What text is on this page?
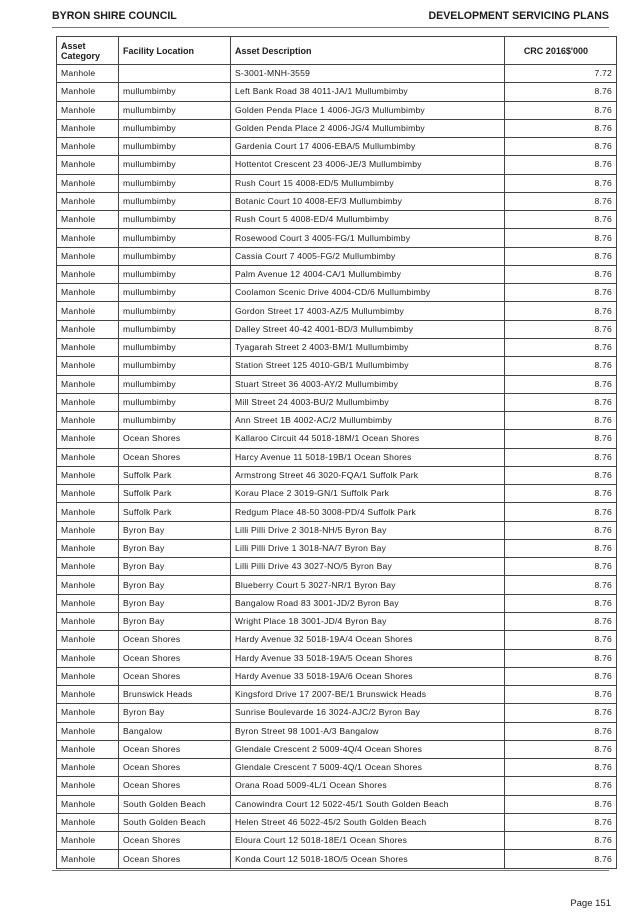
BYRON SHIRE COUNCIL	DEVELOPMENT SERVICING PLANS
Asset Category	Facility Location	Asset Description	CRC 2016$'000
Manhole		S-3001-MNH-3559	7.72
Manhole	mullumbimby	Left Bank Road 38 4011-JA/1 Mullumbimby	8.76
Manhole	mullumbimby	Golden Penda Place 1 4006-JG/3 Mullumbimby	8.76
Manhole	mullumbimby	Golden Penda Place 2 4006-JG/4 Mullumbimby	8.76
Manhole	mullumbimby	Gardenia Court 17 4006-EBA/5 Mullumbimby	8.76
Manhole	mullumbimby	Hottentot Crescent 23 4006-JE/3 Mullumbimby	8.76
Manhole	mullumbimby	Rush Court 15 4008-ED/5 Mullumbimby	8.76
Manhole	mullumbimby	Botanic Court 10 4008-EF/3 Mullumbimby	8.76
Manhole	mullumbimby	Rush Court 5 4008-ED/4 Mullumbimby	8.76
Manhole	mullumbimby	Rosewood Court 3 4005-FG/1 Mullumbimby	8.76
Manhole	mullumbimby	Cassia Court 7 4005-FG/2 Mullumbimby	8.76
Manhole	mullumbimby	Palm Avenue 12 4004-CA/1 Mullumbimby	8.76
Manhole	mullumbimby	Coolamon Scenic Drive 4004-CD/6 Mullumbimby	8.76
Manhole	mullumbimby	Gordon Street 17 4003-AZ/5 Mullumbimby	8.76
Manhole	mullumbimby	Dalley Street 40-42 4001-BD/3 Mullumbimby	8.76
Manhole	mullumbimby	Tyagarah Street 2 4003-BM/1 Mullumbimby	8.76
Manhole	mullumbimby	Station Street 125 4010-GB/1 Mullumbimby	8.76
Manhole	mullumbimby	Stuart Street 36 4003-AY/2 Mullumbimby	8.76
Manhole	mullumbimby	Mill Street 24 4003-BU/2 Mullumbimby	8.76
Manhole	mullumbimby	Ann Street 1B 4002-AC/2 Mullumbimby	8.76
Manhole	Ocean Shores	Kallaroo Circuit 44 5018-18M/1 Ocean Shores	8.76
Manhole	Ocean Shores	Harcy Avenue 11 5018-19B/1 Ocean Shores	8.76
Manhole	Suffolk Park	Armstrong Street 46 3020-FQA/1 Suffolk Park	8.76
Manhole	Suffolk Park	Korau Place 2 3019-GN/1 Suffolk Park	8.76
Manhole	Suffolk Park	Redgum Place 48-50 3008-PD/4 Suffolk Park	8.76
Manhole	Byron Bay	Lilli Pilli Drive 2 3018-NH/5 Byron Bay	8.76
Manhole	Byron Bay	Lilli Pilli Drive 1 3018-NA/7 Byron Bay	8.76
Manhole	Byron Bay	Lilli Pilli Drive 43 3027-NO/5 Byron Bay	8.76
Manhole	Byron Bay	Blueberry Court 5 3027-NR/1 Byron Bay	8.76
Manhole	Byron Bay	Bangalow Road 83 3001-JD/2 Byron Bay	8.76
Manhole	Byron Bay	Wright Place 18 3001-JD/4 Byron Bay	8.76
Manhole	Ocean Shores	Hardy Avenue 32 5018-19A/4 Ocean Shores	8.76
Manhole	Ocean Shores	Hardy Avenue 33 5018-19A/5 Ocean Shores	8.76
Manhole	Ocean Shores	Hardy Avenue 33 5018-19A/6 Ocean Shores	8.76
Manhole	Brunswick Heads	Kingsford Drive 17 2007-BE/1 Brunswick Heads	8.76
Manhole	Byron Bay	Sunrise Boulevarde 16 3024-AJC/2 Byron Bay	8.76
Manhole	Bangalow	Byron Street 98 1001-A/3 Bangalow	8.76
Manhole	Ocean Shores	Glendale Crescent 2 5009-4Q/4 Ocean Shores	8.76
Manhole	Ocean Shores	Glendale Crescent 7 5009-4Q/1 Ocean Shores	8.76
Manhole	Ocean Shores	Orana Road 5009-4L/1 Ocean Shores	8.76
Manhole	South Golden Beach	Canowindra Court 12 5022-45/1 South Golden Beach	8.76
Manhole	South Golden Beach	Helen Street 46 5022-45/2 South Golden Beach	8.76
Manhole	Ocean Shores	Eloura Court 12 5018-18E/1 Ocean Shores	8.76
Manhole	Ocean Shores	Konda Court 12 5018-18O/5 Ocean Shores	8.76
Page 151
